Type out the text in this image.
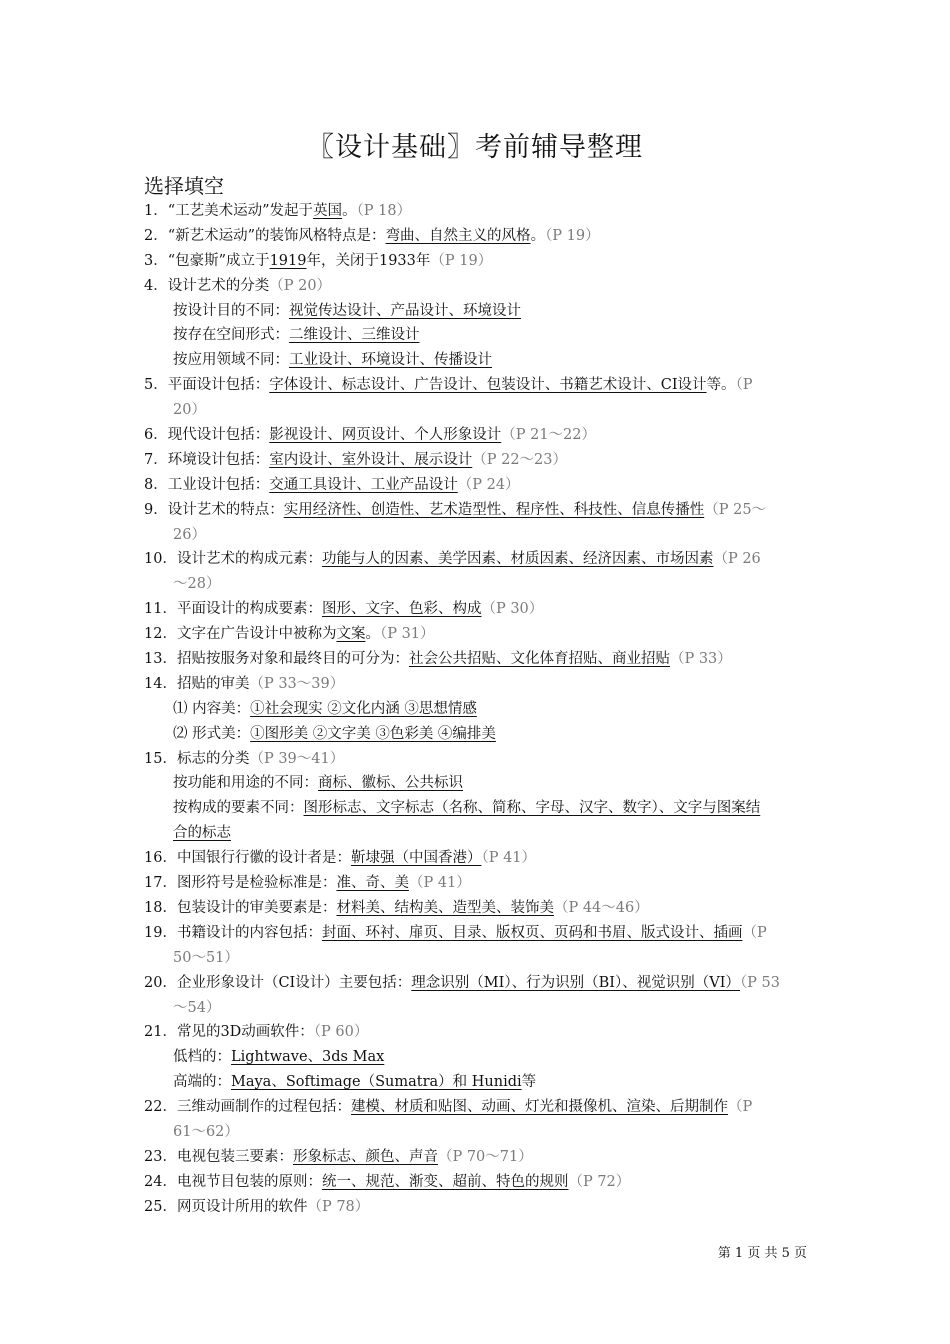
〖设计基础〗考前辅导整理
选择填空
1．“工艺美术运动”发起于英国。（P 18）
2．“新艺术运动”的装饰风格特点是：弯曲、自然主义的风格。（P 19）
3．“包豪斯”成立于1919年，关闭于1933年（P 19）
4．设计艺术的分类（P 20）
按设计目的不同：视觉传达设计、产品设计、环境设计
按存在空间形式：二维设计、三维设计
按应用领域不同：工业设计、环境设计、传播设计
5．平面设计包括：字体设计、标志设计、广告设计、包装设计、书籍艺术设计、CI设计等。（P
20）
6．现代设计包括：影视设计、网页设计、个人形象设计（P 21～22）
7．环境设计包括：室内设计、室外设计、展示设计（P 22～23）
8．工业设计包括：交通工具设计、工业产品设计（P 24）
9．设计艺术的特点：实用经济性、创造性、艺术造型性、程序性、科技性、信息传播性（P 25～
26）
10．设计艺术的构成元素：功能与人的因素、美学因素、材质因素、经济因素、市场因素（P 26
～28）
11．平面设计的构成要素：图形、文字、色彩、构成（P 30）
12．文字在广告设计中被称为文案。（P 31）
13．招贴按服务对象和最终目的可分为：社会公共招贴、文化体育招贴、商业招贴（P 33）
14．招贴的审美（P 33～39）
⑴ 内容美：①社会现实 ②文化内涵 ③思想情感
⑵ 形式美：①图形美 ②文字美 ③色彩美 ④编排美
15．标志的分类（P 39～41）
按功能和用途的不同：商标、徽标、公共标识
按构成的要素不同：图形标志、文字标志（名称、简称、字母、汉字、数字）、文字与图案结
合的标志
16．中国银行行徽的设计者是：靳埭强（中国香港）（P 41）
17．图形符号是检验标准是：准、奇、美（P 41）
18．包装设计的审美要素是：材料美、结构美、造型美、装饰美（P 44～46）
19．书籍设计的内容包括：封面、环衬、扉页、目录、版权页、页码和书眉、版式设计、插画（P
50～51）
20．企业形象设计（CI设计）主要包括：理念识别（MI）、行为识别（BI）、视觉识别（VI）（P 53
～54）
21．常见的3D动画软件：（P 60）
低档的：Lightwave、3ds Max
高端的：Maya、Softimage（Sumatra）和 Hunidi等
22．三维动画制作的过程包括：建模、材质和贴图、动画、灯光和摄像机、渲染、后期制作（P
61～62）
23．电视包装三要素：形象标志、颜色、声音（P 70～71）
24．电视节目包装的原则：统一、规范、渐变、超前、特色的规则（P 72）
25．网页设计所用的软件（P 78）
第 1 页 共 5 页
